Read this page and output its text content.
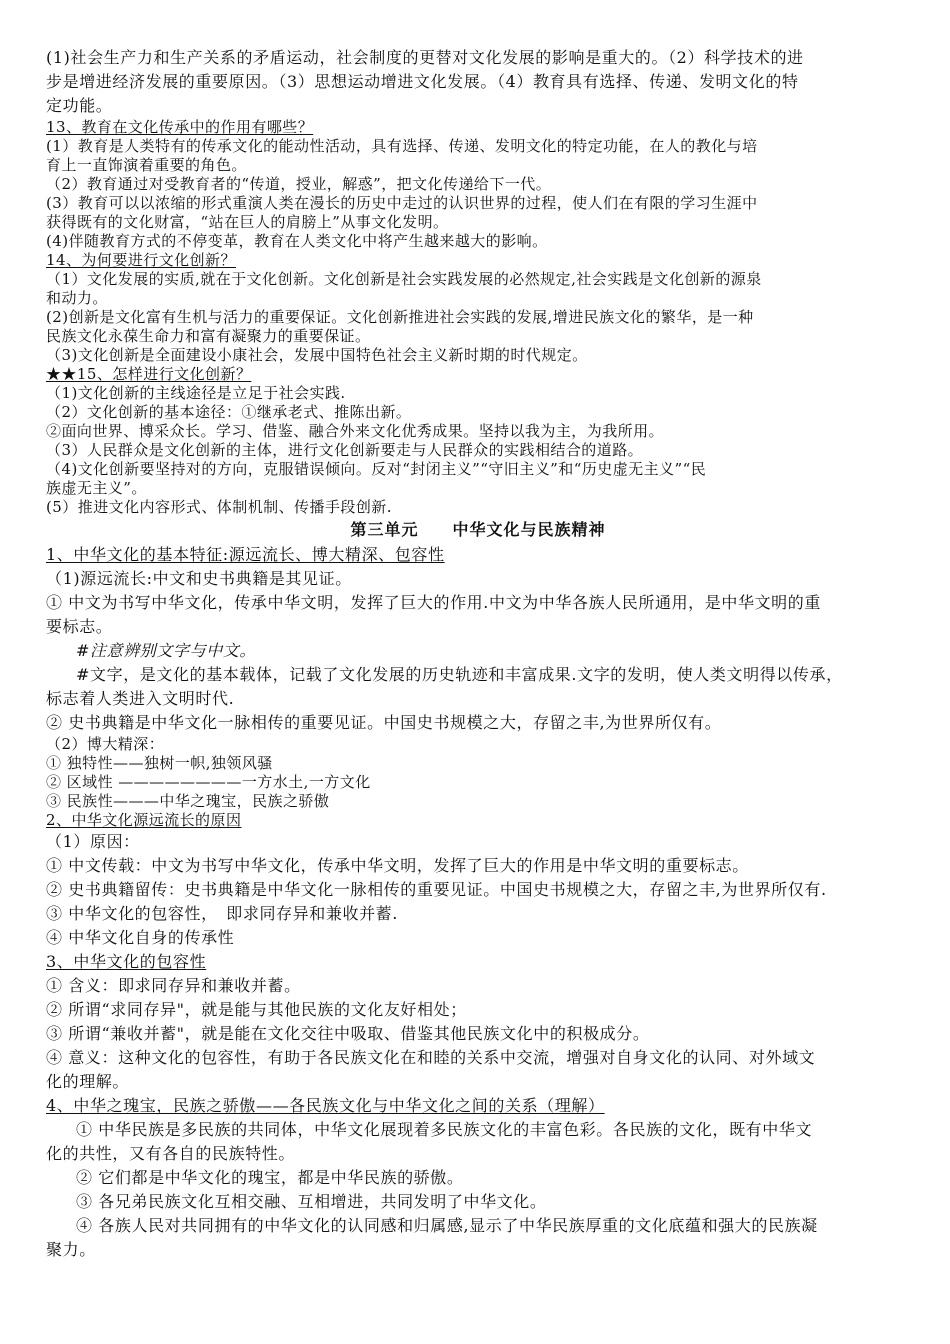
(1)社会生产力和生产关系的矛盾运动，社会制度的更替对文化发展的影响是重大的。（2）科学技术的进
步是增进经济发展的重要原因。（3）思想运动增进文化发展。（4）教育具有选择、传递、发明文化的特
定功能。
13、教育在文化传承中的作用有哪些？
(1）教育是人类特有的传承文化的能动性活动，具有选择、传递、发明文化的特定功能，在人的教化与培
育上一直饰演着重要的角色。
（2）教育通过对受教育者的“传道，授业，解惑”，把文化传递给下一代。
(3）教育可以以浓缩的形式重演人类在漫长的历史中走过的认识世界的过程，使人们在有限的学习生涯中
获得既有的文化财富，“站在巨人的肩膀上”从事文化发明。
(4)伴随教育方式的不停变革，教育在人类文化中将产生越来越大的影响。
14、为何要进行文化创新？
（1）文化发展的实质,就在于文化创新。文化创新是社会实践发展的必然规定,社会实践是文化创新的源泉
和动力。
(2)创新是文化富有生机与活力的重要保证。文化创新推进社会实践的发展,增进民族文化的繁华，是一种
民族文化永葆生命力和富有凝聚力的重要保证。
（3)文化创新是全面建设小康社会，发展中国特色社会主义新时期的时代规定。
★★15、怎样进行文化创新？
（1)文化创新的主线途径是立足于社会实践.
（2）文化创新的基本途径：①继承老式、推陈出新。
②面向世界、博采众长。学习、借鉴、融合外来文化优秀成果。坚持以我为主，为我所用。
（3）人民群众是文化创新的主体，进行文化创新要走与人民群众的实践相结合的道路。
（4)文化创新要坚持对的方向，克服错误倾向。反对“封闭主义”“守旧主义”和“历史虚无主义”“民
族虚无主义”。
(5）推进文化内容形式、体制机制、传播手段创新.
第三单元　　中华文化与民族精神
1、中华文化的基本特征:源远流长、博大精深、包容性
（1)源远流长:中文和史书典籍是其见证。
① 中文为书写中华文化，传承中华文明，发挥了巨大的作用.中文为中华各族人民所通用，是中华文明的重
要标志。
#注意辨别文字与中文。
#文字，是文化的基本载体，记载了文化发展的历史轨迹和丰富成果.文字的发明，使人类文明得以传承，
标志着人类进入文明时代.
② 史书典籍是中华文化一脉相传的重要见证。中国史书规模之大，存留之丰,为世界所仅有。
（2）博大精深：
① 独特性——独树一帜,独领风骚
② 区域性 ————————一方水土,一方文化
③ 民族性———中华之瑰宝，民族之骄傲
2、中华文化源远流长的原因
（1）原因：
① 中文传载：中文为书写中华文化，传承中华文明，发挥了巨大的作用是中华文明的重要标志。
② 史书典籍留传：史书典籍是中华文化一脉相传的重要见证。中国史书规模之大，存留之丰,为世界所仅有.
③ 中华文化的包容性，　即求同存异和兼收并蓄.
④ 中华文化自身的传承性
3、中华文化的包容性
① 含义：即求同存异和兼收并蓄。
② 所谓“求同存异"，就是能与其他民族的文化友好相处；
③ 所谓“兼收并蓄"，就是能在文化交往中吸取、借鉴其他民族文化中的积极成分。
④ 意义：这种文化的包容性，有助于各民族文化在和睦的关系中交流，增强对自身文化的认同、对外域文
化的理解。
4、中华之瑰宝，民族之骄傲——各民族文化与中华文化之间的关系（理解）
① 中华民族是多民族的共同体，中华文化展现着多民族文化的丰富色彩。各民族的文化，既有中华文
化的共性，又有各自的民族特性。
② 它们都是中华文化的瑰宝，都是中华民族的骄傲。
③ 各兄弟民族文化互相交融、互相增进，共同发明了中华文化。
④ 各族人民对共同拥有的中华文化的认同感和归属感,显示了中华民族厚重的文化底蕴和强大的民族凝
聚力。
